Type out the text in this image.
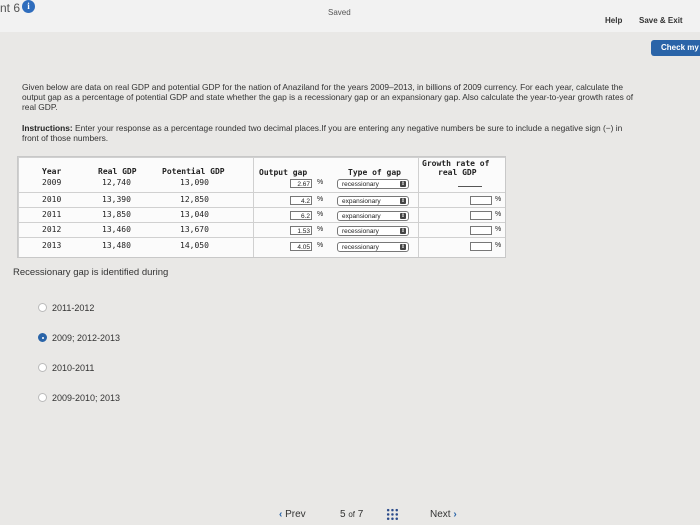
nt 6 i
Saved
Help Save & Exit
Check my
Given below are data on real GDP and potential GDP for the nation of Anaziland for the years 2009–2013, in billions of 2009 currency. For each year, calculate the output gap as a percentage of potential GDP and state whether the gap is a recessionary gap or an expansionary gap. Also calculate the year-to-year growth rates of real GDP.
Instructions: Enter your response as a percentage rounded two decimal places.If you are entering any negative numbers be sure to include a negative sign (−) in front of those numbers.
Year	Real GDP	Potential GDP	Output gap	Type of gap
Growth rate of
real GDP
2009	12,740	13,090	2.67 %	recessionary	⇕
2010	13,390	12,850	4.2 %	expansionary	⇕	%
2011	13,850	13,040	6.2 %	expansionary	⇕	%
2012	13,460	13,670	1.53 %	recessionary	⇕	%
2013	13,480	14,050	4.05 %	recessionary	⇕	%
Recessionary gap is identified during
2011-2012
2009; 2012-2013
2010-2011
2009-2010; 2013
‹ Prev	5 of 7	Next ›
